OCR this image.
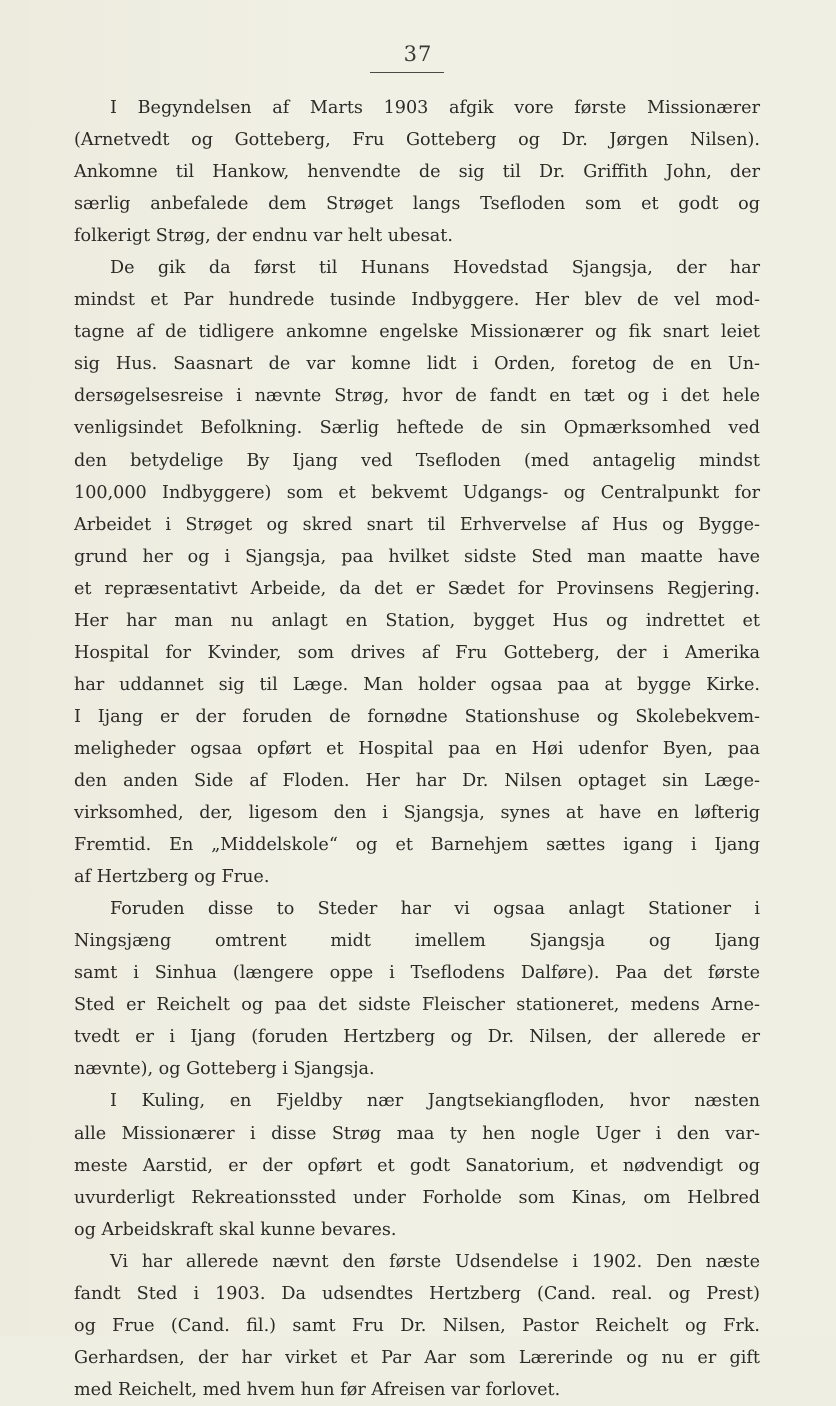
37
I Begyndelsen af Marts 1903 afgik vore første Missionærer
(Arnetvedt og Gotteberg, Fru Gotteberg og Dr. Jørgen Nilsen).
Ankomne til Hankow, henvendte de sig til Dr. Griffith John, der
særlig anbefalede dem Strøget langs Tsefloden som et godt og
folkerigt Strøg, der endnu var helt ubesat.
De gik da først til Hunans Hovedstad Sjangsja, der har
mindst et Par hundrede tusinde Indbyggere. Her blev de vel mod-
tagne af de tidligere ankomne engelske Missionærer og fik snart leiet
sig Hus. Saasnart de var komne lidt i Orden, foretog de en Un-
dersøgelsesreise i nævnte Strøg, hvor de fandt en tæt og i det hele
venligsindet Befolkning. Særlig heftede de sin Opmærksomhed ved
den betydelige By Ijang ved Tsefloden (med antagelig mindst
100,000 Indbyggere) som et bekvemt Udgangs- og Centralpunkt for
Arbeidet i Strøget og skred snart til Erhvervelse af Hus og Bygge-
grund her og i Sjangsja, paa hvilket sidste Sted man maatte have
et repræsentativt Arbeide, da det er Sædet for Provinsens Regjering.
Her har man nu anlagt en Station, bygget Hus og indrettet et
Hospital for Kvinder, som drives af Fru Gotteberg, der i Amerika
har uddannet sig til Læge. Man holder ogsaa paa at bygge Kirke.
I Ijang er der foruden de fornødne Stationshuse og Skolebekvem-
meligheder ogsaa opført et Hospital paa en Høi udenfor Byen, paa
den anden Side af Floden. Her har Dr. Nilsen optaget sin Læge-
virksomhed, der, ligesom den i Sjangsja, synes at have en løfterig
Fremtid. En „Middelskole“ og et Barnehjem sættes igang i Ijang
af Hertzberg og Frue.
Foruden disse to Steder har vi ogsaa anlagt Stationer i
Ningsjæng omtrent midt imellem Sjangsja og Ijang
samt i Sinhua (længere oppe i Tseflodens Dalføre). Paa det første
Sted er Reichelt og paa det sidste Fleischer stationeret, medens Arne-
tvedt er i Ijang (foruden Hertzberg og Dr. Nilsen, der allerede er
nævnte), og Gotteberg i Sjangsja.
I Kuling, en Fjeldby nær Jangtsekiangfloden, hvor næsten
alle Missionærer i disse Strøg maa ty hen nogle Uger i den var-
meste Aarstid, er der opført et godt Sanatorium, et nødvendigt og
uvurderligt Rekreationssted under Forholde som Kinas, om Helbred
og Arbeidskraft skal kunne bevares.
Vi har allerede nævnt den første Udsendelse i 1902. Den næste
fandt Sted i 1903. Da udsendtes Hertzberg (Cand. real. og Prest)
og Frue (Cand. fil.) samt Fru Dr. Nilsen, Pastor Reichelt og Frk.
Gerhardsen, der har virket et Par Aar som Lærerinde og nu er gift
med Reichelt, med hvem hun før Afreisen var forlovet.
